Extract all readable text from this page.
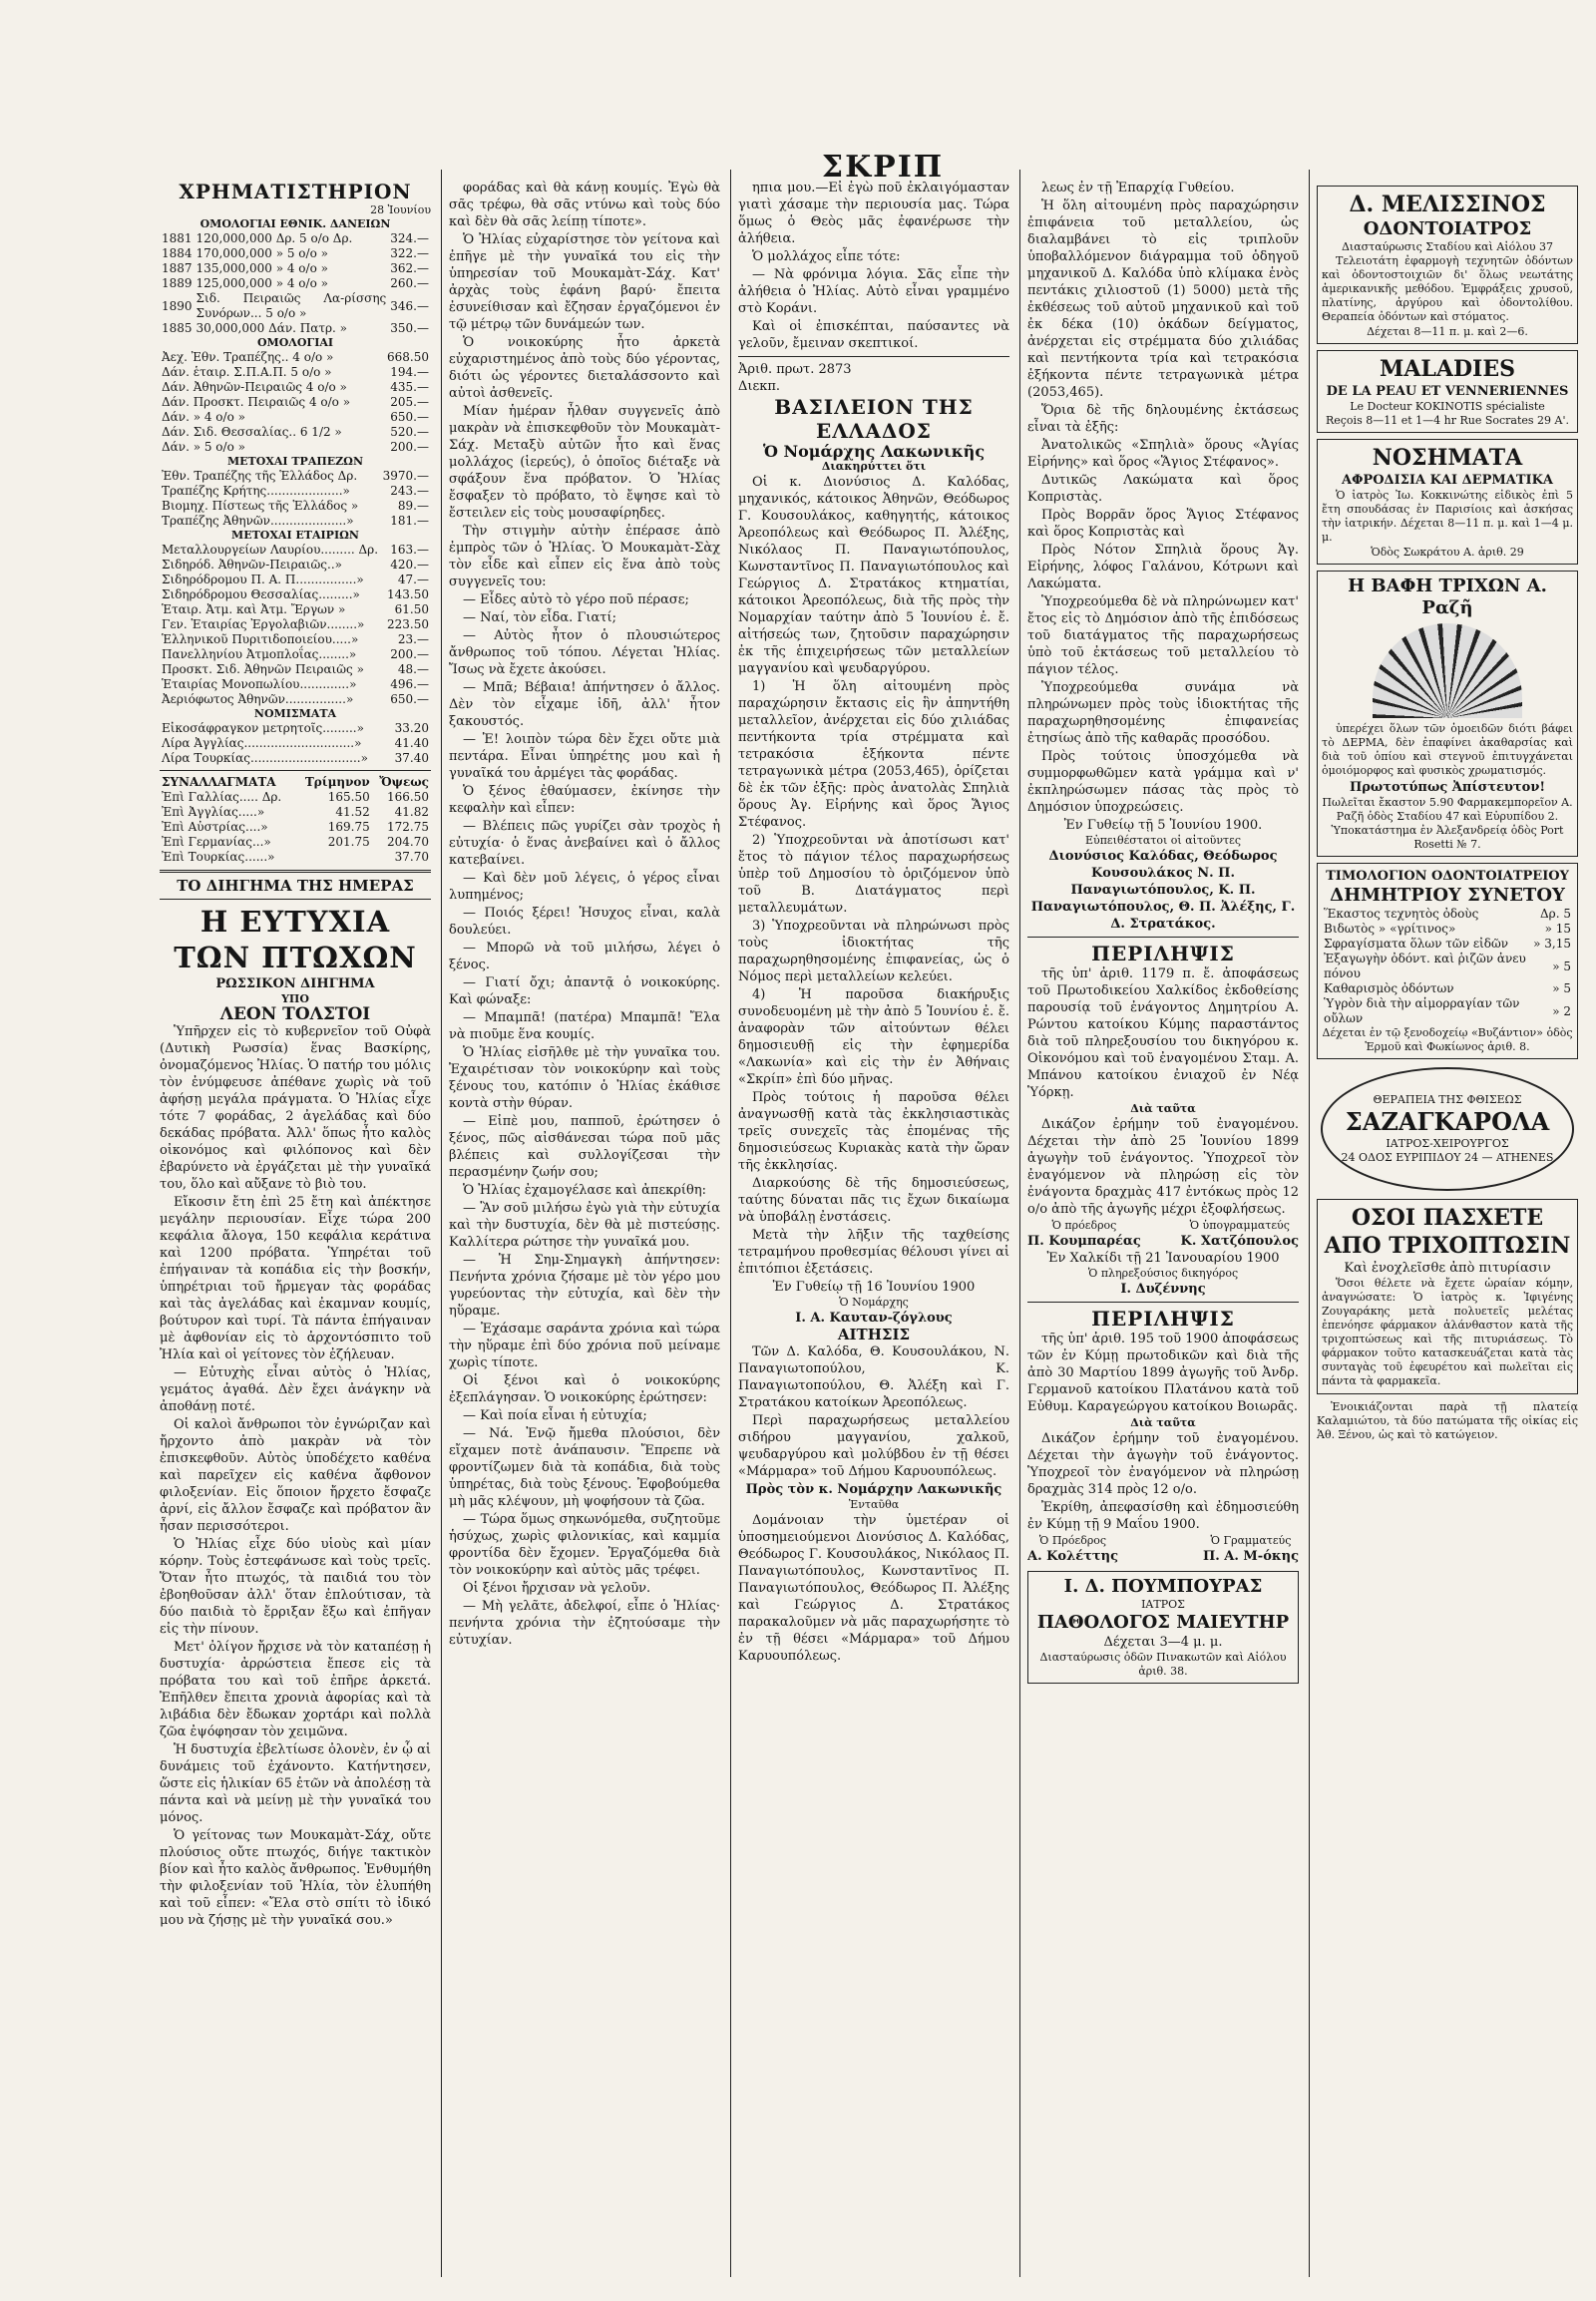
ΣΚΡΙΠ
ΧΡΗΜΑΤΙΣΤΗΡΙΟΝ
28 Ἰουνίου
ΟΜΟΛΟΓΙΑΙ ΕΘΝΙΚ. ΔΑΝΕΙΩΝ
1881	120,000,000 Δρ. 5 ο/ο Δρ.	324.—
1884	170,000,000 » 5 ο/ο »	322.—
1887	135,000,000 » 4 ο/ο »	362.—
1889	125,000,000 » 4 ο/ο »	260.—
1890	Σιδ. Πειραιῶς Λα-ρίσσης Συνόρων... 5 ο/ο »	346.—
1885	30,000,000 Δάν. Πατρ. »	350.—
ΟΜΟΛΟΓΙΑΙ
Ἀεχ. Ἐθν. Τραπέζης.. 4 ο/ο »	668.50
Δάν. ἑταιρ. Σ.Π.Α.Π. 5 ο/ο »	194.—
Δάν. Ἀθηνῶν-Πειραιῶς 4 ο/ο »	435.—
Δάν. Προσκτ. Πειραιῶς 4 ο/ο »	205.—
Δάν. » 4 ο/ο »	650.—
Δάν. Σιδ. Θεσσαλίας.. 6 1/2 »	520.—
Δάν. » 5 ο/ο »	200.—
ΜΕΤΟΧΑΙ ΤΡΑΠΕΖΩΝ
Ἐθν. Τραπέζης τῆς Ἑλλάδος Δρ.	3970.—
Τραπέζης Κρήτης....................»	243.—
Βιομηχ. Πίστεως τῆς Ἑλλάδος »	89.—
Τραπέζης Ἀθηνῶν....................»	181.—
ΜΕΤΟΧΑΙ ΕΤΑΙΡΙΩΝ
Μεταλλουργείων Λαυρίου......... Δρ.	163.—
Σιδηρόδ. Ἀθηνῶν-Πειραιῶς..»	420.—
Σιδηρόδρομου Π. Α. Π................»	47.—
Σιδηρόδρομου Θεσσαλίας.........»	143.50
Ἑταιρ. Ἀτμ. καὶ Ἀτμ. Ἔργων »	61.50
Γεν. Ἑταιρίας Ἐργολαβιῶν........»	223.50
Ἑλληνικοῦ Πυριτιδοποιείου.....»	23.—
Πανελληνίου Ἀτμοπλοΐας........»	200.—
Προσκτ. Σιδ. Ἀθηνῶν Πειραιῶς »	48.—
Ἑταιρίας Μονοπωλίου.............»	496.—
Ἀεριόφωτος Ἀθηνῶν................»	650.—
ΝΟΜΙΣΜΑΤΑ
Εἰκοσάφραγκον μετρητοῖς.........»	33.20
Λίρα Ἀγγλίας.............................»	41.40
Λίρα Τουρκίας.............................»	37.40
ΣΥΝΑΛΛΑΓΜΑΤΑ	Τρίμηνον	Ὄψεως
Ἐπὶ Γαλλίας..... Δρ.	165.50	166.50
Ἐπὶ Ἀγγλίας.....»	41.52	41.82
Ἐπὶ Αὐστρίας....»	169.75	172.75
Ἐπὶ Γερμανίας...»	201.75	204.70
Ἐπὶ Τουρκίας......»		37.70
ΤΟ ΔΙΗΓΗΜΑ ΤΗΣ ΗΜΕΡΑΣ
Η ΕΥΤΥΧΙΑ ΤΩΝ ΠΤΩΧΩΝ
ΡΩΣΣΙΚΟΝ ΔΙΗΓΗΜΑ
ΥΠΟ
ΛΕΟΝ ΤΟΛΣΤΟΙ

Ὑπῆρχεν εἰς τὸ κυβερνεῖον τοῦ Οὐφὰ (Δυτικὴ Ρωσσία) ἕνας Βασκίρης, ὀνομαζόμενος Ἠλίας. Ὁ πατήρ του μόλις τὸν ἐνύμφευσε ἀπέθανε χωρὶς νὰ τοῦ ἀφήσῃ μεγάλα πράγματα. Ὁ Ἠλίας εἶχε τότε 7 φοράδας, 2 ἀγελάδας καὶ δύο δεκάδας πρόβατα. Ἀλλ' ὅπως ἦτο καλὸς οἰκονόμος καὶ φιλόπονος καὶ δὲν ἐβαρύνετο νὰ ἐργάζεται μὲ τὴν γυναῖκά του, ὅλο καὶ αὔξανε τὸ βιὸ του.

Εἴκοσιν ἔτη ἐπὶ 25 ἔτη καὶ ἀπέκτησε μεγάλην περιουσίαν. Εἶχε τώρα 200 κεφάλια ἄλογα, 150 κεφάλια κεράτινα καὶ 1200 πρόβατα. Ὑπηρέται τοῦ ἐπήγαιναν τὰ κοπάδια εἰς τὴν βοσκήν, ὑπηρέτριαι τοῦ ἤρμεγαν τὰς φοράδας καὶ τὰς ἀγελάδας καὶ ἐκαμναν κουμίς, βούτυρον καὶ τυρί. Τὰ πάντα ἐπήγαιναν μὲ ἀφθονίαν εἰς τὸ ἀρχοντόσπιτο τοῦ Ἠλία καὶ οἱ γείτονες τὸν ἐζήλευαν.

— Εὐτυχὴς εἶναι αὐτὸς ὁ Ἠλίας, γεμάτος ἀγαθά. Δὲν ἔχει ἀνάγκην νὰ ἀποθάνῃ ποτέ.

Οἱ καλοὶ ἄνθρωποι τὸν ἐγνώριζαν καὶ ἤρχοντο ἀπὸ μακρὰν νὰ τὸν ἐπισκεφθοῦν. Αὐτὸς ὑποδέχετο καθένα καὶ παρεῖχεν εἰς καθένα ἄφθονον φιλοξενίαν. Εἰς ὅποιον ἤρχετο ἔσφαζε ἀρνί, εἰς ἄλλον ἔσφαζε καὶ πρόβατον ἂν ἦσαν περισσότεροι.

Ὁ Ἠλίας εἶχε δύο υἱοὺς καὶ μίαν κόρην. Τοὺς ἐστεφάνωσε καὶ τοὺς τρεῖς. Ὅταν ἦτο πτωχός, τὰ παιδιά του τὸν ἐβοηθοῦσαν ἀλλ' ὅταν ἐπλούτισαν, τὰ δύο παιδιὰ τὸ ἔρριξαν ἔξω καὶ ἐπῆγαν εἰς τὴν πίνουν.

Μετ' ὀλίγον ἤρχισε νὰ τὸν καταπέσῃ ἡ δυστυχία· ἀρρώστεια ἔπεσε εἰς τὰ πρόβατα του καὶ τοῦ ἐπῆρε ἀρκετά. Ἐπῆλθεν ἔπειτα χρονιὰ ἀφορίας καὶ τὰ λιβάδια δὲν ἔδωκαν χορτάρι καὶ πολλὰ ζῶα ἐψόφησαν τὸν χειμῶνα.

Ἡ δυστυχία ἐβελτίωσε ὀλονὲν, ἐν ᾧ αἱ δυνάμεις τοῦ ἐχάνοντο. Κατήντησεν, ὥστε εἰς ἡλικίαν 65 ἐτῶν νὰ ἀπολέσῃ τὰ πάντα καὶ νὰ μείνῃ μὲ τὴν γυναῖκά του μόνος.

Ὁ γείτονας των Μουκαμὰτ-Σάχ, οὔτε πλούσιος οὔτε πτωχός, διήγε τακτικὸν βίον καὶ ἦτο καλὸς ἄνθρωπος. Ἐνθυμήθη τὴν φιλοξενίαν τοῦ Ἠλία, τὸν ἐλυπήθη καὶ τοῦ εἶπεν: «Ἔλα στὸ σπίτι τὸ ἰδικό μου νὰ ζήσῃς μὲ τὴν γυναῖκά σου.»

φοράδας καὶ θὰ κάνῃ κουμίς. Ἐγὼ θὰ σᾶς τρέφω, θὰ σᾶς ντύνω καὶ τοὺς δύο καὶ δὲν θὰ σᾶς λείπῃ τίποτε».

Ὁ Ἠλίας εὐχαρίστησε τὸν γείτονα καὶ ἐπῆγε μὲ τὴν γυναῖκά του εἰς τὴν ὑπηρεσίαν τοῦ Μουκαμὰτ-Σάχ. Κατ' ἀρχὰς τοὺς ἐφάνη βαρύ· ἔπειτα ἐσυνείθισαν καὶ ἔζησαν ἐργαζόμενοι ἐν τῷ μέτρῳ τῶν δυνάμεών των.

Ὁ νοικοκύρης ἦτο ἀρκετὰ εὐχαριστημένος ἀπὸ τοὺς δύο γέροντας, διότι ὡς γέροντες διεταλάσσοντο καὶ αὐτοὶ ἀσθενεῖς.

Μίαν ἡμέραν ἦλθαν συγγενεῖς ἀπὸ μακρὰν νὰ ἐπισκεφθοῦν τὸν Μουκαμὰτ-Σάχ. Μεταξὺ αὐτῶν ἦτο καὶ ἕνας μολλάχος (ἱερεύς), ὁ ὁποῖος διέταξε νὰ σφάξουν ἕνα πρόβατον. Ὁ Ἠλίας ἔσφαξεν τὸ πρόβατο, τὸ ἔψησε καὶ τὸ ἔστειλεν εἰς τοὺς μουσαφίρηδες.

Τὴν στιγμὴν αὐτὴν ἐπέρασε ἀπὸ ἐμπρὸς τῶν ὁ Ἠλίας. Ὁ Μουκαμὰτ-Σὰχ τὸν εἶδε καὶ εἶπεν εἰς ἕνα ἀπὸ τοὺς συγγενεῖς του:

— Εἶδες αὐτὸ τὸ γέρο ποῦ πέρασε;

— Ναί, τὸν εἶδα. Γιατί;

— Αὐτὸς ἦτον ὁ πλουσιώτερος ἄνθρωπος τοῦ τόπου. Λέγεται Ἠλίας. Ἴσως νὰ ἔχετε ἀκούσει.

— Μπᾶ; Βέβαια! ἀπήντησεν ὁ ἄλλος. Δὲν τὸν εἶχαμε ἰδῆ, ἀλλ' ἦτον ξακουστός.

— Ἐ! λοιπὸν τώρα δὲν ἔχει οὔτε μιὰ πεντάρα. Εἶναι ὑπηρέτης μου καὶ ἡ γυναῖκά του ἀρμέγει τὰς φοράδας.

Ὁ ξένος ἐθαύμασεν, ἐκίνησε τὴν κεφαλὴν καὶ εἶπεν:

— Βλέπεις πῶς γυρίζει σὰν τροχὸς ἡ εὐτυχία· ὁ ἕνας ἀνεβαίνει καὶ ὁ ἄλλος κατεβαίνει.

— Καὶ δὲν μοῦ λέγεις, ὁ γέρος εἶναι λυπημένος;

— Ποιός ξέρει! Ἡσυχος εἶναι, καλὰ δουλεύει.

— Μπορῶ νὰ τοῦ μιλήσω, λέγει ὁ ξένος.

— Γιατί ὄχι; ἀπαντᾷ ὁ νοικοκύρης. Καὶ φώναξε:

— Μπαμπᾶ! (πατέρα) Μπαμπᾶ! Ἔλα νὰ πιοῦμε ἕνα κουμίς.

Ὁ Ἠλίας εἰσῆλθε μὲ τὴν γυναῖκα του. Ἐχαιρέτισαν τὸν νοικοκύρην καὶ τοὺς ξένους του, κατόπιν ὁ Ἠλίας ἐκάθισε κοντὰ στὴν θύραν.

— Εἰπὲ μου, παπποῦ, ἐρώτησεν ὁ ξένος, πῶς αἰσθάνεσαι τώρα ποῦ μᾶς βλέπεις καὶ συλλογίζεσαι τὴν περασμένην ζωήν σου;

Ὁ Ἠλίας ἐχαμογέλασε καὶ ἀπεκρίθη:

— Ἂν σοῦ μιλήσω ἐγὼ γιὰ τὴν εὐτυχία καὶ τὴν δυστυχία, δὲν θὰ μὲ πιστεύσῃς. Καλλίτερα ρώτησε τὴν γυναῖκά μου.

— Ἡ Σημ-Σημαγκὴ ἀπήντησεν: Πενήντα χρόνια ζήσαμε μὲ τὸν γέρο μου γυρεύοντας τὴν εὐτυχία, καὶ δὲν τὴν ηὕραμε.

— Ἐχάσαμε σαράντα χρόνια καὶ τώρα τὴν ηὕραμε ἐπὶ δύο χρόνια ποῦ μείναμε χωρὶς τίποτε.

Οἱ ξένοι καὶ ὁ νοικοκύρης ἐξεπλάγησαν. Ὁ νοικοκύρης ἐρώτησεν:

— Καὶ ποία εἶναι ἡ εὐτυχία;

— Νά. Ἐνῷ ἤμεθα πλούσιοι, δὲν εἴχαμεν ποτὲ ἀνάπαυσιν. Ἔπρεπε νὰ φροντίζωμεν διὰ τὰ κοπάδια, διὰ τοὺς ὑπηρέτας, διὰ τοὺς ξένους. Ἐφοβούμεθα μὴ μᾶς κλέψουν, μὴ ψοφήσουν τὰ ζῶα.

— Τώρα ὅμως σηκωνόμεθα, συζητοῦμε ἡσύχως, χωρὶς φιλονικίας, καὶ καμμία φροντίδα δὲν ἔχομεν. Ἐργαζόμεθα διὰ τὸν νοικοκύρην καὶ αὐτὸς μᾶς τρέφει.

Οἱ ξένοι ἤρχισαν νὰ γελοῦν.

— Μὴ γελᾶτε, ἀδελφοί, εἶπε ὁ Ἠλίας· πενήντα χρόνια τὴν ἐζητούσαμε τὴν εὐτυχίαν.

ηπια μου.—Εἰ ἐγὼ ποῦ ἐκλαιγόμασταν γιατὶ χάσαμε τὴν περιουσία μας. Τώρα ὅμως ὁ Θεὸς μᾶς ἐφανέρωσε τὴν ἀλήθεια.

Ὁ μολλάχος εἶπε τότε:

— Νὰ φρόνιμα λόγια. Σᾶς εἶπε τὴν ἀλήθεια ὁ Ἠλίας. Αὐτὸ εἶναι γραμμένο στὸ Κοράνι.

Καὶ οἱ ἐπισκέπται, παύσαντες νὰ γελοῦν, ἔμειναν σκεπτικοί.

Ἀριθ. πρωτ. 2873
Διεκπ.
ΒΑΣΙΛΕΙΟΝ ΤΗΣ ΕΛΛΑΔΟΣ
Ὁ Νομάρχης Λακωνικῆς
Διακηρύττει ὅτι

Οἱ κ. Διονύσιος Δ. Καλόδας, μηχανικός, κάτοικος Ἀθηνῶν, Θεόδωρος Γ. Κουσουλάκος, καθηγητής, κάτοικος Ἀρεοπόλεως καὶ Θεόδωρος Π. Ἀλέξης, Νικόλαος Π. Παναγιωτόπουλος, Κωνσταντῖνος Π. Παναγιωτόπουλος καὶ Γεώργιος Δ. Στρατάκος κτηματίαι, κάτοικοι Ἀρεοπόλεως, διὰ τῆς πρὸς τὴν Νομαρχίαν ταύτην ἀπὸ 5 Ἰουνίου ἐ. ἔ. αἰτήσεώς των, ζητοῦσιν παραχώρησιν ἐκ τῆς ἐπιχειρήσεως τῶν μεταλλείων μαγγανίου καὶ ψευδαργύρου.

1) Ἡ ὅλη αἰτουμένη πρὸς παραχώρησιν ἔκτασις εἰς ἣν ἀπηντήθη μεταλλεῖον, ἀνέρχεται εἰς δύο χιλιάδας πεντήκοντα τρία στρέμματα καὶ τετρακόσια ἑξήκοντα πέντε τετραγωνικὰ μέτρα (2053,465), ὁρίζεται δὲ ἐκ τῶν ἑξῆς: πρὸς ἀνατολὰς Σπηλιὰ ὅρους Ἀγ. Εἰρήνης καὶ ὅρος Ἅγιος Στέφανος.

2) Ὑποχρεοῦνται νὰ ἀποτίσωσι κατ' ἔτος τὸ πάγιον τέλος παραχωρήσεως ὑπὲρ τοῦ Δημοσίου τὸ ὁριζόμενον ὑπὸ τοῦ Β. Διατάγματος περὶ μεταλλευμάτων.

3) Ὑποχρεοῦνται νὰ πληρώνωσι πρὸς τοὺς ἰδιοκτήτας τῆς παραχωρηθησομένης ἐπιφανείας, ὡς ὁ Νόμος περὶ μεταλλείων κελεύει.

4) Ἡ παροῦσα διακήρυξις συνοδευομένη μὲ τὴν ἀπὸ 5 Ἰουνίου ἐ. ἔ. ἀναφορὰν τῶν αἰτούντων θέλει δημοσιευθῇ εἰς τὴν ἐφημερίδα «Λακωνία» καὶ εἰς τὴν ἐν Ἀθήναις «Σκρίπ» ἐπὶ δύο μῆνας.

Πρὸς τούτοις ἡ παροῦσα θέλει ἀναγνωσθῇ κατὰ τὰς ἐκκλησιαστικὰς τρεῖς συνεχεῖς τὰς ἐπομένας τῆς δημοσιεύσεως Κυριακὰς κατὰ τὴν ὥραν τῆς ἐκκλησίας.

Διαρκούσης δὲ τῆς δημοσιεύσεως, ταύτης δύναται πᾶς τις ἔχων δικαίωμα νὰ ὑποβάλῃ ἐνστάσεις.

Μετὰ τὴν λῆξιν τῆς ταχθείσης τετραμήνου προθεσμίας θέλουσι γίνει αἱ ἐπιτόπιοι ἐξετάσεις.

Ἐν Γυθείῳ τῇ 16 Ἰουνίου 1900
Ὁ Νομάρχης
Ι. Α. Καυταν-ζόγλους
ΑΙΤΗΣΙΣ

Τῶν Δ. Καλόδα, Θ. Κουσουλάκου, Ν. Παναγιωτοπούλου, Κ. Παναγιωτοπούλου, Θ. Ἀλέξη καὶ Γ. Στρατάκου κατοίκων Ἀρεοπόλεως.

Περὶ παραχωρήσεως μεταλλείου σιδήρου μαγγανίου, χαλκοῦ, ψευδαργύρου καὶ μολύβδου ἐν τῇ θέσει «Μάρμαρα» τοῦ Δήμου Καρυουπόλεως.

Πρὸς τὸν κ. Νομάρχην Λακωνικῆς
Ἐνταῦθα

Δομάνοιαν τὴν ὑμετέραν οἱ ὑποσημειούμενοι Διονύσιος Δ. Καλόδας, Θεόδωρος Γ. Κουσουλάκος, Νικόλαος Π. Παναγιωτόπουλος, Κωνσταντῖνος Π. Παναγιωτόπουλος, Θεόδωρος Π. Ἀλέξης καὶ Γεώργιος Δ. Στρατάκος παρακαλοῦμεν νὰ μᾶς παραχωρήσητε τὸ ἐν τῇ θέσει «Μάρμαρα» τοῦ Δήμου Καρυουπόλεως.

λεως ἐν τῇ Ἐπαρχίᾳ Γυθείου.

Ἡ ὅλη αἰτουμένη πρὸς παραχώρησιν ἐπιφάνεια τοῦ μεταλλείου, ὡς διαλαμβάνει τὸ εἰς τριπλοῦν ὑποβαλλόμενον διάγραμμα τοῦ ὁδηγοῦ μηχανικοῦ Δ. Καλόδα ὑπὸ κλίμακα ἑνὸς πεντάκις χιλιοστοῦ (1) 5000) μετὰ τῆς ἐκθέσεως τοῦ αὐτοῦ μηχανικοῦ καὶ τοῦ ἐκ δέκα (10) ὁκάδων δείγματος, ἀνέρχεται εἰς στρέμματα δύο χιλιάδας καὶ πεντήκοντα τρία καὶ τετρακόσια ἑξήκοντα πέντε τετραγωνικὰ μέτρα (2053,465).

Ὅρια δὲ τῆς δηλουμένης ἐκτάσεως εἶναι τὰ ἑξῆς:

Ἀνατολικῶς «Σπηλιὰ» ὅρους «Ἁγίας Εἰρήνης» καὶ ὅρος «Ἅγιος Στέφανος».

Δυτικῶς Λακώματα καὶ ὅρος Κοπριστὰς.

Πρὸς Βορρᾶν ὅρος Ἅγιος Στέφανος καὶ ὅρος Κοπριστὰς καὶ

Πρὸς Νότον Σπηλιὰ ὅρους Ἁγ. Εἰρήνης, λόφος Γαλάνου, Κότρωνι καὶ Λακώματα.

Ὑποχρεούμεθα δὲ νὰ πληρώνωμεν κατ' ἔτος εἰς τὸ Δημόσιον ἀπὸ τῆς ἐπιδόσεως τοῦ διατάγματος τῆς παραχωρήσεως ὑπὸ τοῦ ἐκτάσεως τοῦ μεταλλείου τὸ πάγιον τέλος.

Ὑποχρεούμεθα συνάμα νὰ πληρώνωμεν πρὸς τοὺς ἰδιοκτήτας τῆς παραχωρηθησομένης ἐπιφανείας ἐτησίως ἀπὸ τῆς καθαρᾶς προσόδου.

Πρὸς τούτοις ὑποσχόμεθα νὰ συμμορφωθῶμεν κατὰ γράμμα καὶ ν' ἐκπληρώσωμεν πάσας τὰς πρὸς τὸ Δημόσιον ὑποχρεώσεις.

Ἐν Γυθείῳ τῇ 5 Ἰουνίου 1900.
Εὐπειθέστατοι οἱ αἰτοῦντες
Διονύσιος Καλόδας, Θεόδωρος Κουσουλάκος Ν. Π. Παναγιωτόπουλος, Κ. Π. Παναγιωτόπουλος, Θ. Π. Ἀλέξης, Γ. Δ. Στρατάκος.
ΠΕΡΙΛΗΨΙΣ

τῆς ὑπ' ἀριθ. 1179 π. ἔ. ἀποφάσεως τοῦ Πρωτοδικείου Χαλκίδος ἐκδοθείσης παρουσίᾳ τοῦ ἐνάγοντος Δημητρίου Α. Ρώντου κατοίκου Κύμης παραστάντος διὰ τοῦ πληρεξουσίου του δικηγόρου κ. Οἰκονόμου καὶ τοῦ ἐναγομένου Σταμ. Α. Μπάνου κατοίκου ἐνιαχοῦ ἐν Νέᾳ Ὑόρκῃ.

Διὰ ταῦτα

Δικάζον ἐρήμην τοῦ ἐναγομένου. Δέχεται τὴν ἀπὸ 25 Ἰουνίου 1899 ἀγωγὴν τοῦ ἐνάγοντος. Ὑποχρεοῖ τὸν ἐναγόμενον νὰ πληρώσῃ εἰς τὸν ἐνάγοντα δραχμὰς 417 ἐντόκως πρὸς 12 ο/ο ἀπὸ τῆς ἀγωγῆς μέχρι ἐξοφλήσεως.

Ὁ πρόεδρος
Π. Κουμπαρέας
Ὁ ὑπογραμματεύς
Κ. Χατζόπουλος
Ἐν Χαλκίδι τῇ 21 Ἰανουαρίου 1900
Ὁ πληρεξούσιος δικηγόρος
Ι. Δυζέννης
ΠΕΡΙΛΗΨΙΣ

τῆς ὑπ' ἀριθ. 195 τοῦ 1900 ἀποφάσεως τῶν ἐν Κύμῃ πρωτοδικῶν καὶ διὰ τῆς ἀπὸ 30 Μαρτίου 1899 ἀγωγῆς τοῦ Ἀνδρ. Γερμανοῦ κατοίκου Πλατάνου κατὰ τοῦ Εὐθυμ. Καραγεώργου κατοίκου Βοιωρᾶς.

Διὰ ταῦτα

Δικάζον ἐρήμην τοῦ ἐναγομένου. Δέχεται τὴν ἀγωγὴν τοῦ ἐνάγοντος. Ὑποχρεοῖ τὸν ἐναγόμενον νὰ πληρώσῃ δραχμὰς 314 πρὸς 12 ο/ο.

Ἐκρίθη, ἀπεφασίσθη καὶ ἐδημοσιεύθη ἐν Κύμῃ τῇ 9 Μαΐου 1900.

Ὁ Πρόεδρος
Α. Κολέττης
Ὁ Γραμματεύς
Π. Α. Μ-όκης
Ι. Δ. ΠΟΥΜΠΟΥΡΑΣ
ΙΑΤΡΟΣ
ΠΑΘΟΛΟΓΟΣ ΜΑΙΕΥΤΗΡ
Δέχεται 3—4 μ. μ.
Διασταύρωσις ὁδῶν Πινακωτῶν καὶ Αἰόλου ἀριθ. 38.
Δ. ΜΕΛΙΣΣΙΝΟΣ
ΟΔΟΝΤΟΙΑΤΡΟΣ
Διασταύρωσις Σταδίου καὶ Αἰόλου 37

Τελειοτάτη ἐφαρμογὴ τεχνητῶν ὀδόντων καὶ ὀδοντοστοιχιῶν δι' ὅλως νεωτάτης ἀμερικανικῆς μεθόδου. Ἐμφράξεις χρυσοῦ, πλατίνης, ἀργύρου καὶ ὀδοντολίθου. Θεραπεία ὀδόντων καὶ στόματος.

Δέχεται 8—11 π. μ. καὶ 2—6.
MALADIES
DE LA PEAU ET VENNERIENNES
Le Docteur KOKINOTIS spécialiste
Reçois 8—11 et 1—4 hr Rue Socrates 29 A'.
ΝΟΣΗΜΑΤΑ
ΑΦΡΟΔΙΣΙΑ ΚΑΙ ΔΕΡΜΑΤΙΚΑ

Ὁ ἰατρὸς Ἰω. Κοκκινώτης εἰδικὸς ἐπὶ 5 ἔτη σπουδάσας ἐν Παρισίοις καὶ ἀσκήσας τὴν ἰατρικήν. Δέχεται 8—11 π. μ. καὶ 1—4 μ. μ.

Ὁδὸς Σωκράτου Α. ἀριθ. 29
Η ΒΑΦΗ ΤΡΙΧΩΝ Α. Ραζῆ

ὑπερέχει ὅλων τῶν ὁμοειδῶν διότι βάφει τὸ ΔΕΡΜΑ, δὲν ἐπαφίνει ἀκαθαρσίας καὶ διὰ τοῦ ὁπίου καὶ στεγνοῦ ἐπιτυγχάνεται ὁμοιόμορφος καὶ φυσικὸς χρωματισμός.

Πρωτοτύπως Ἀπίστευτον!
Πωλεῖται ἔκαστον 5.90 Φαρμακεμπορεῖον Α. Ραζῆ ὁδὸς Σταδίου 47 καὶ Εὐρυπίδου 2.
Ὑποκατάστημα ἐν Ἀλεξανδρείᾳ ὁδὸς Port Rosetti № 7.
ΤΙΜΟΛΟΓΙΟΝ ΟΔΟΝΤΟΙΑΤΡΕΙΟΥ
ΔΗΜΗΤΡΙΟΥ ΣΥΝΕΤΟΥ
Ἕκαστος τεχνητὸς ὀδοὺς	Δρ. 5
Βιδωτὸς » «γρίτινος»	» 15
Σφραγίσματα ὅλων τῶν εἰδῶν	» 3,15
Ἐξαγωγὴν ὀδόντ. καὶ ῥιζῶν ἀνευ πόνου	» 5
Καθαρισμὸς ὀδόντων	» 5
Ὑγρὸν διὰ τὴν αἱμορραγίαν τῶν οὔλων	» 2
Δέχεται ἐν τῷ ξενοδοχείῳ «Βυζάντιον» ὁδὸς Ἑρμοῦ καὶ Φωκίωνος ἀριθ. 8.
ΘΕΡΑΠΕΙΑ ΤΗΣ ΦΘΙΣΕΩΣ
ΣΑΖΑΓΚΑΡΟΛΑ
ΙΑΤΡΟΣ-ΧΕΙΡΟΥΡΓΟΣ
24 ΟΔΟΣ ΕΥΡΙΠΙΔΟΥ 24 — ATHENES
ΟΣΟΙ ΠΑΣΧΕΤΕ
ΑΠΟ ΤΡΙΧΟΠΤΩΣΙΝ
Καὶ ἐνοχλεῖσθε ἀπὸ πιτυρίασιν

Ὅσοι θέλετε νὰ ἔχετε ὡραίαν κόμην, ἀναγνώσατε: Ὁ ἰατρὸς κ. Ἰφιγένης Ζουγαράκης μετὰ πολυετεῖς μελέτας ἐπενόησε φάρμακον ἀλάνθαστον κατὰ τῆς τριχοπτώσεως καὶ τῆς πιτυριάσεως. Τὸ φάρμακον τοῦτο κατασκευάζεται κατὰ τὰς συνταγὰς τοῦ ἐφευρέτου καὶ πωλεῖται εἰς πάντα τὰ φαρμακεῖα.

Ἐνοικιάζονται παρὰ τῇ πλατείᾳ Καλαμιώτου, τὰ δύο πατώματα τῆς οἰκίας εἰς Ἁθ. Ξένου, ὡς καὶ τὸ κατώγειον.
